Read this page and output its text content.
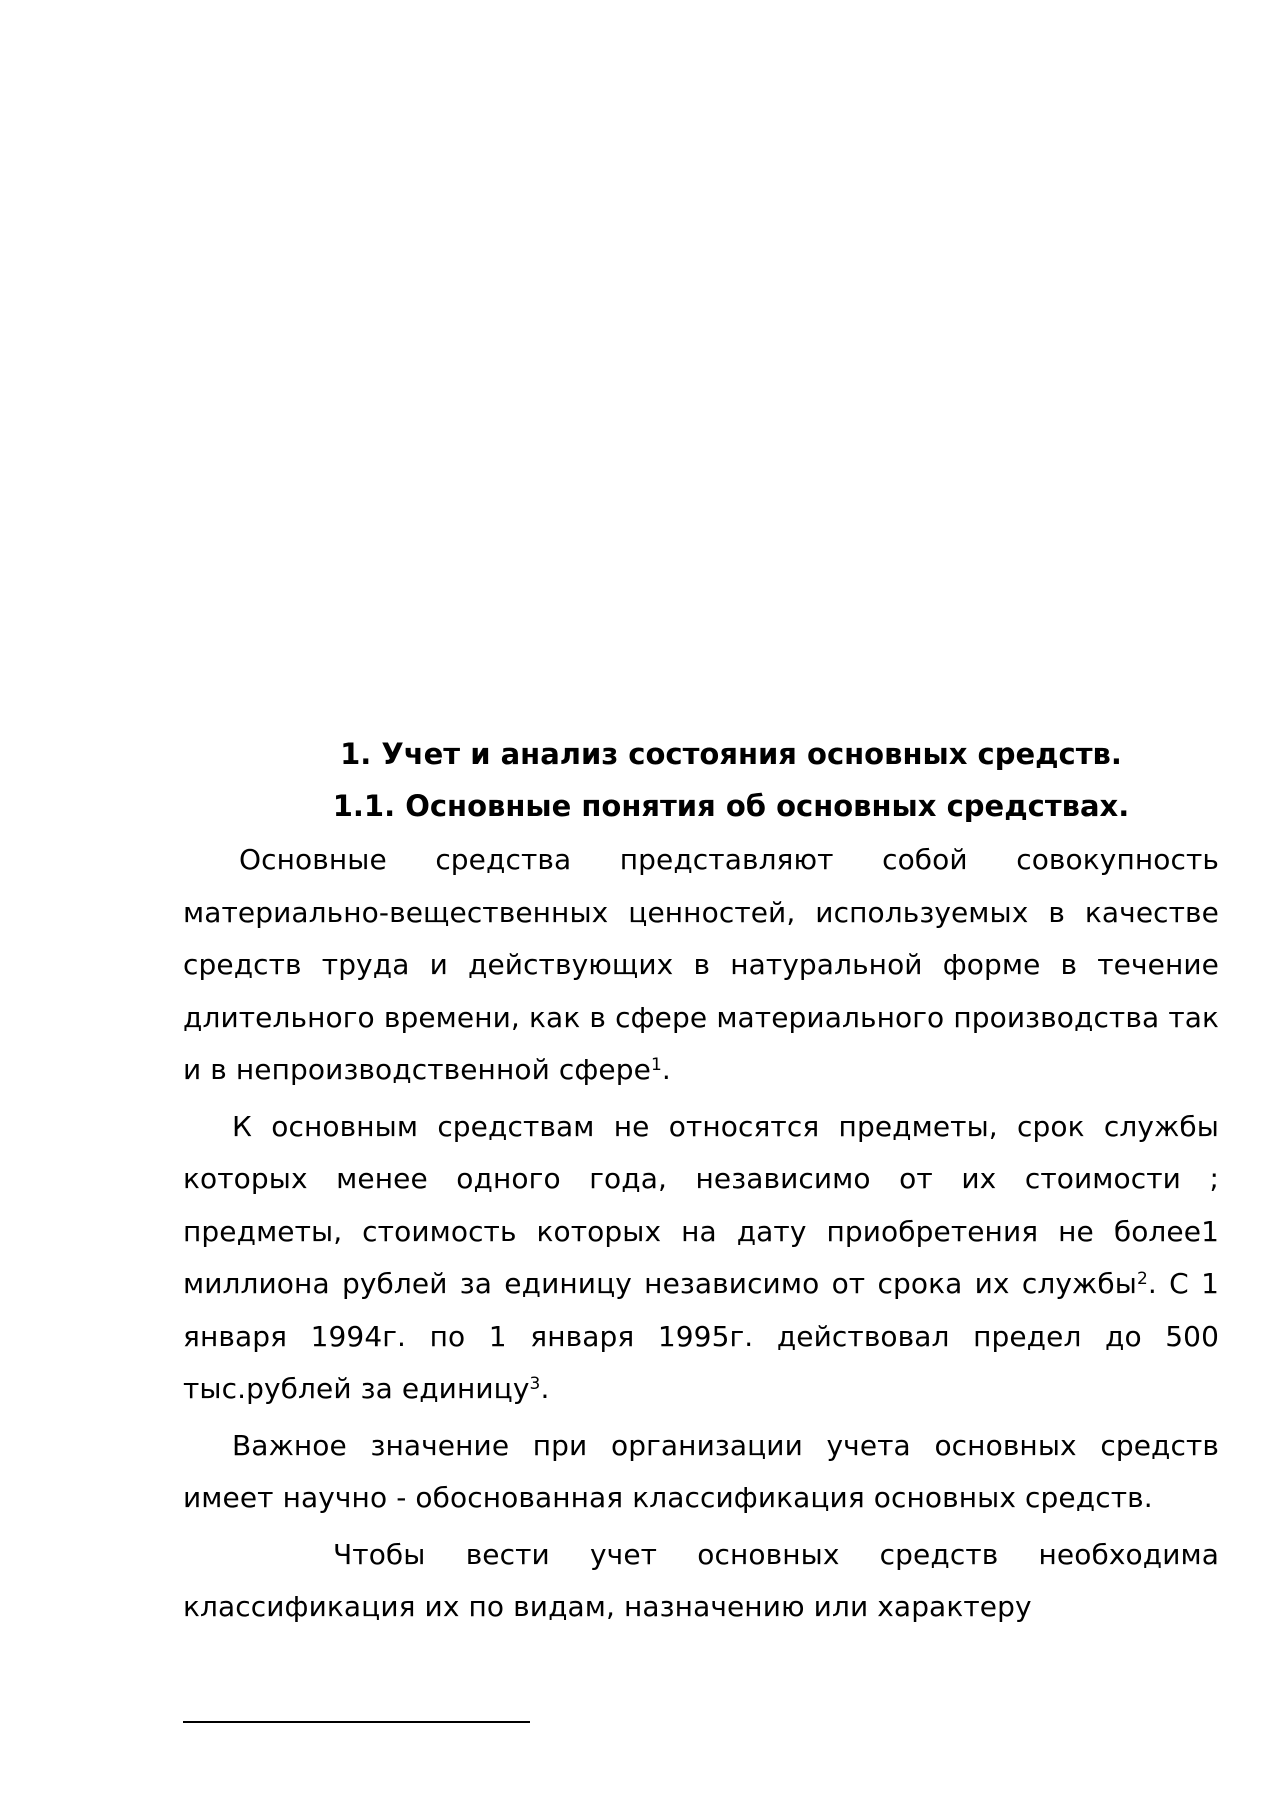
1. Учет и анализ состояния основных средств.
1.1. Основные понятия об основных средствах.

Основные средства представляют собой совокупность материально-вещественных ценностей, используемых в качестве средств труда и действующих в натуральной форме в течение длительного времени, как в сфере материального производства так и в непроизводственной сфере$^1$.

К основным средствам не относятся предметы, срок службы которых менее одного года, независимо от их стоимости ; предметы, стоимость которых на дату приобретения не более1 миллиона рублей за единицу независимо от срока их службы$^2$. С 1 января 1994г. по 1 января 1995г. действовал предел до 500 тыс.рублей за единицу$^3$.

Важное значение при организации учета основных средств имеет научно - обоснованная классификация основных средств.

Чтобы вести учет основных средств необходима классификация их по видам, назначению или характеру
